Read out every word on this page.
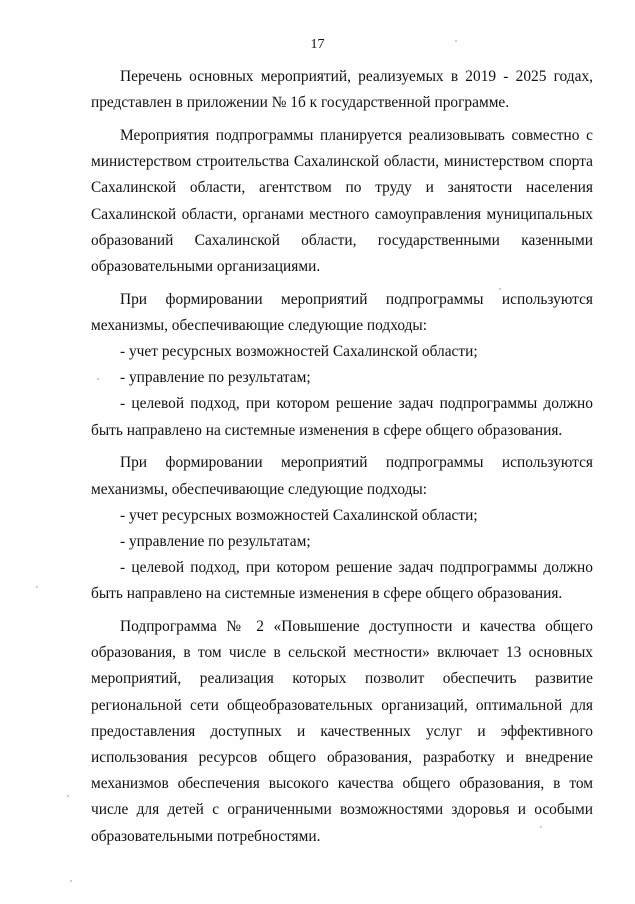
17

Перечень основных мероприятий, реализуемых в 2019 - 2025 годах, представлен в приложении № 1б к государственной программе.

Мероприятия подпрограммы планируется реализовывать совместно с министерством строительства Сахалинской области, министерством спорта Сахалинской области, агентством по труду и занятости населения Сахалинской области, органами местного самоуправления муниципальных образований Сахалинской области, государственными казенными образовательными организациями.

При формировании мероприятий подпрограммы используются механизмы, обеспечивающие следующие подходы:

- учет ресурсных возможностей Сахалинской области;

- управление по результатам;

- целевой подход, при котором решение задач подпрограммы должно быть направлено на системные изменения в сфере общего образования.

При формировании мероприятий подпрограммы используются механизмы, обеспечивающие следующие подходы:

- учет ресурсных возможностей Сахалинской области;

- управление по результатам;

- целевой подход, при котором решение задач подпрограммы должно быть направлено на системные изменения в сфере общего образования.

Подпрограмма № 2 «Повышение доступности и качества общего образования, в том числе в сельской местности» включает 13 основных мероприятий, реализация которых позволит обеспечить развитие региональной сети общеобразовательных организаций, оптимальной для предоставления доступных и качественных услуг и эффективного использования ресурсов общего образования, разработку и внедрение механизмов обеспечения высокого качества общего образования, в том числе для детей с ограниченными возможностями здоровья и особыми образовательными потребностями.
